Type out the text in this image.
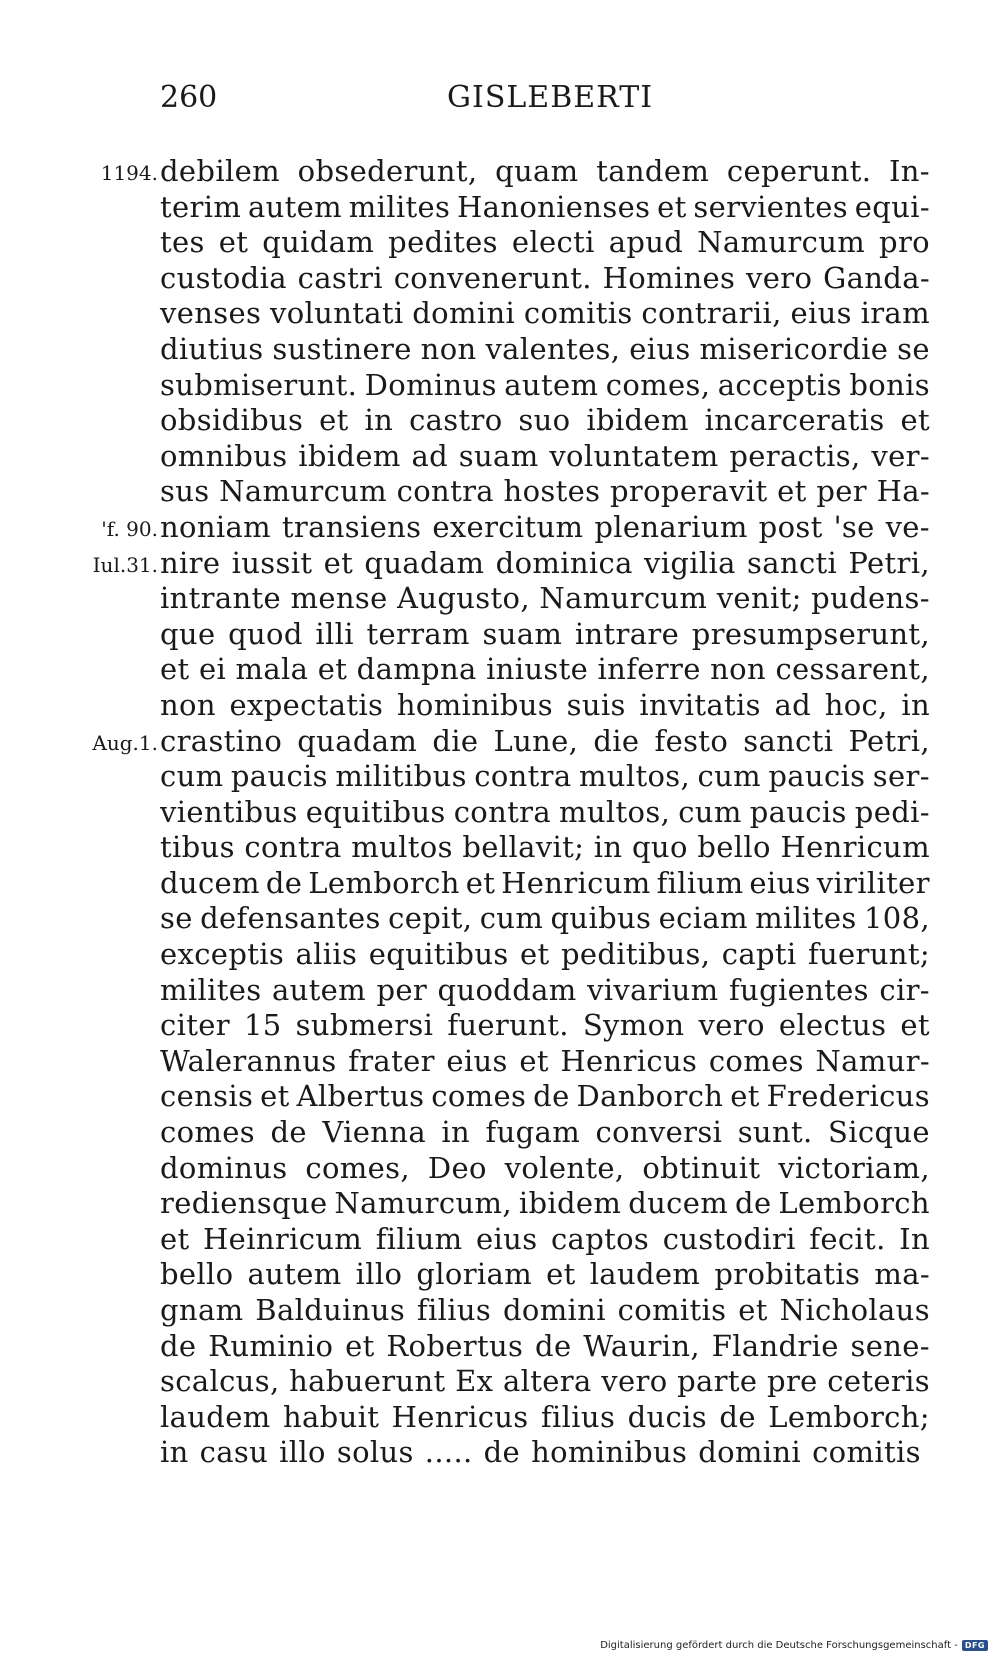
260	GISLEBERTI
1194.
'f. 90.
Iul.31.
Aug.1.
debilem obsederunt, quam tandem ceperunt. In-
terim autem milites Hanonienses et servientes equi-
tes et quidam pedites electi apud Namurcum pro
custodia castri convenerunt. Homines vero Ganda-
venses voluntati domini comitis contrarii, eius iram
diutius sustinere non valentes, eius misericordie se
submiserunt. Dominus autem comes, acceptis bonis
obsidibus et in castro suo ibidem incarceratis et
omnibus ibidem ad suam voluntatem peractis, ver-
sus Namurcum contra hostes properavit et per Ha-
noniam transiens exercitum plenarium post 'se ve-
nire iussit et quadam dominica vigilia sancti Petri,
intrante mense Augusto, Namurcum venit; pudens-
que quod illi terram suam intrare presumpserunt,
et ei mala et dampna iniuste inferre non cessarent,
non expectatis hominibus suis invitatis ad hoc, in
crastino quadam die Lune, die festo sancti Petri,
cum paucis militibus contra multos, cum paucis ser-
vientibus equitibus contra multos, cum paucis pedi-
tibus contra multos bellavit; in quo bello Henricum
ducem de Lemborch et Henricum filium eius viriliter
se defensantes cepit, cum quibus eciam milites 108,
exceptis aliis equitibus et peditibus, capti fuerunt;
milites autem per quoddam vivarium fugientes cir-
citer 15 submersi fuerunt. Symon vero electus et
Walerannus frater eius et Henricus comes Namur-
censis et Albertus comes de Danborch et Fredericus
comes de Vienna in fugam conversi sunt. Sicque
dominus comes, Deo volente, obtinuit victoriam,
rediensque Namurcum, ibidem ducem de Lemborch
et Heinricum filium eius captos custodiri fecit. In
bello autem illo gloriam et laudem probitatis ma-
gnam Balduinus filius domini comitis et Nicholaus
de Ruminio et Robertus de Waurin, Flandrie sene-
scalcus, habuerunt Ex altera vero parte pre ceteris
laudem habuit Henricus filius ducis de Lemborch;
in casu illo solus ..... de hominibus domini comitis
Digitalisierung gefördert durch die Deutsche Forschungsgemeinschaft - DFG
